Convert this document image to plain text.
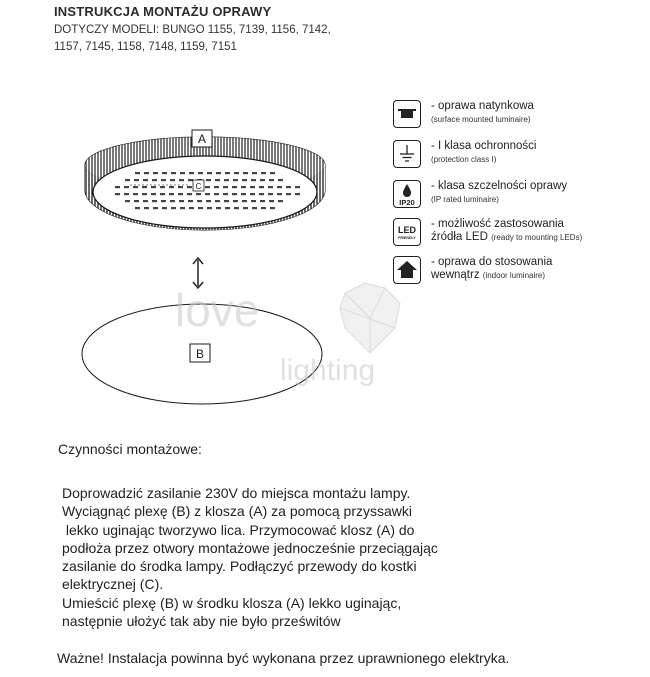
INSTRUKCJA MONTAŻU OPRAWY
DOTYCZY MODELI: BUNGO 1155, 7139, 1156, 7142,
1157, 7145, 1158, 7148, 1159, 7151
A
C
B
love
lighting
- oprawa natynkowa
(surface mounted luminaire)
- I klasa ochronności
(protection class I)
IP20
- klasa szczelności oprawy
(IP rated luminaire)
LED
FRIENDLY
- możliwość zastosowania
źródła LED (ready to mounting LEDs)
- oprawa do stosowania
wewnątrz (indoor luminaire)
Czynności montażowe:
Doprowadzić zasilanie 230V do miejsca montażu lampy.
Wyciągnąć plexę (B) z klosza (A) za pomocą przyssawki
lekko uginając tworzywo lica. Przymocować klosz (A) do
podłoża przez otwory montażowe jednocześnie przeciągając
zasilanie do środka lampy. Podłączyć przewody do kostki
elektrycznej (C).
Umieścić plexę (B) w środku klosza (A) lekko uginając,
następnie ułożyć tak aby nie było prześwitów
Ważne! Instalacja powinna być wykonana przez uprawnionego elektryka.
